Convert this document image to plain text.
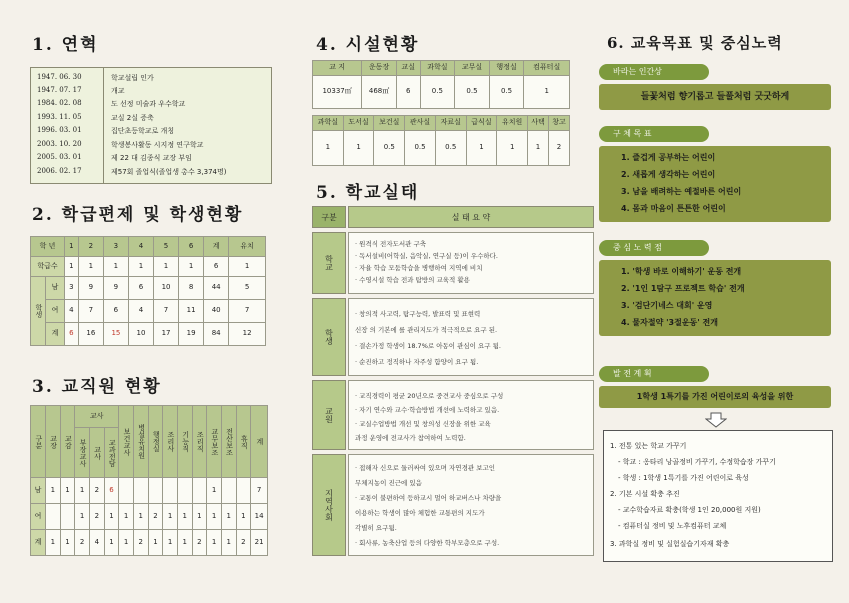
1. 연혁
1947. 06. 30	학교설립 인가
1947. 07. 17	개교
1984. 02. 08	도 선정 미술과 우수학교
1993. 11. 05	교실 2실 증축
1996. 03. 01	집단초등학교로 개칭
2003. 10. 20	학생봉사활동 시지정 연구학교
2005. 03. 01	제 22 대 김종식 교장 부임
2006. 02. 17	제57회 졸업식(졸업생 총수 3,374명)
2. 학급편제 및 학생현황
학 년		1	2	3	4	5	6	계	유치
학급수		1	1	1	1	1	1	6	1
학생	남	3	9	9	6	10	8	44	5
	여	4	7	6	4	7	11	40	7
	계	6	16	15	10	17	19	84	12
3. 교직원 현황
구분	교장	교감	교사			보건교사	병설유치원	행정실	조리사	기능직	조리직	교무보조	전산보조	휴직	계
			부장교사	교사	교과전담										
남	1	1	1	2	6							1			7
여			1	2	1	1	1	2	1	1	1	1	1	1	14
계	1	1	2	4	1	1	2	1	1	1	2	1	1	2	21
4. 시설현황
교 지	운동장	교실	과학실	교무실	행정실	컴퓨터실
10337㎡	468㎡	6	0.5	0.5	0.5	1
과학실	도서실	보건실	관사실	자료실	급식실	유치원	사택	창고
1	1	0.5	0.5	0.5	1	1	1	2
5. 학교실태
구분	실 태 요 약
학교
· 원격식 전자도서관 구축
· 독서설비(어학실, 음악실, 연구실 등)이 우수하다.
· 자율 학습 모둠학습을 병행하여 지역에 비치
· 수영시설 학습 전과 탐방의 교육적 활용
학생
· 창의적 사고력, 탐구능력, 발표력 및 표현력
신장 의 기본에 를 관리지도가 적극적으로 요구 된.
· 결손가정 학생이 18.7%로 아동이 관심이 요구 됨.
· 순진하고 정직하나 자주성 함양이 요구 됨.
교원
· 교직경력이 평균 20년으로 중견교사 중심으로 구성
· 자기 연수와 교수·학습방법 개선에 노력하고 있음.
· 교실수업방법 개선 및 창의성 신장을 위한 교육
과정 운영에 전교사가 참여하여 노력함.
지역사회
· 접해자 신으로 둘러싸여 있으며 자연경관 보고인
무체지농이 진근에 있음
· 교통이 불편하여 등하교시 멀어 하교버스나 차량을
이용하는 학생이 많아 체험한 교통편의 지도가
각별히 요구됨.
· 회사류, 농축산업 등의 다양한 학부모층으로 구성.
6. 교육목표 및 중심노력
바라는 인간상
들꽃처럼 향기롭고 들풀처럼 굿굿하게
구 체 목 표
1. 즐겁게 공부하는 어린이
2. 새롭게 생각하는 어린이
3. 남을 배려하는 예절바른 어린이
4. 몸과 마음이 튼튼한 어린이
중 심 노 력 점
1. '학생 바로 이해하기' 운동 전개
2. '1인 1탐구 프로젝트 학습' 전개
3. '검단기네스 대회' 운영
4. 물자절약 '3절운동' 전개
발 전 계 획
1학생 1특기를 가진 어린이로의 육성을 위한
1. 전통 있는 학교 가꾸기
- 학교 : 옹타리 낭골정비 가꾸기, 수정학습장 가꾸기
- 학생 : 1학생 1특기를 가진 어린이로 육성
2. 기본 시설 확충 추진
- 교수학습자료 확충(학생 1인 20,000원 지원)
- 컴퓨터실 정비 및 노후컴퓨터 교체
3. 과학실 정비 및 실험실습기자재 확충
